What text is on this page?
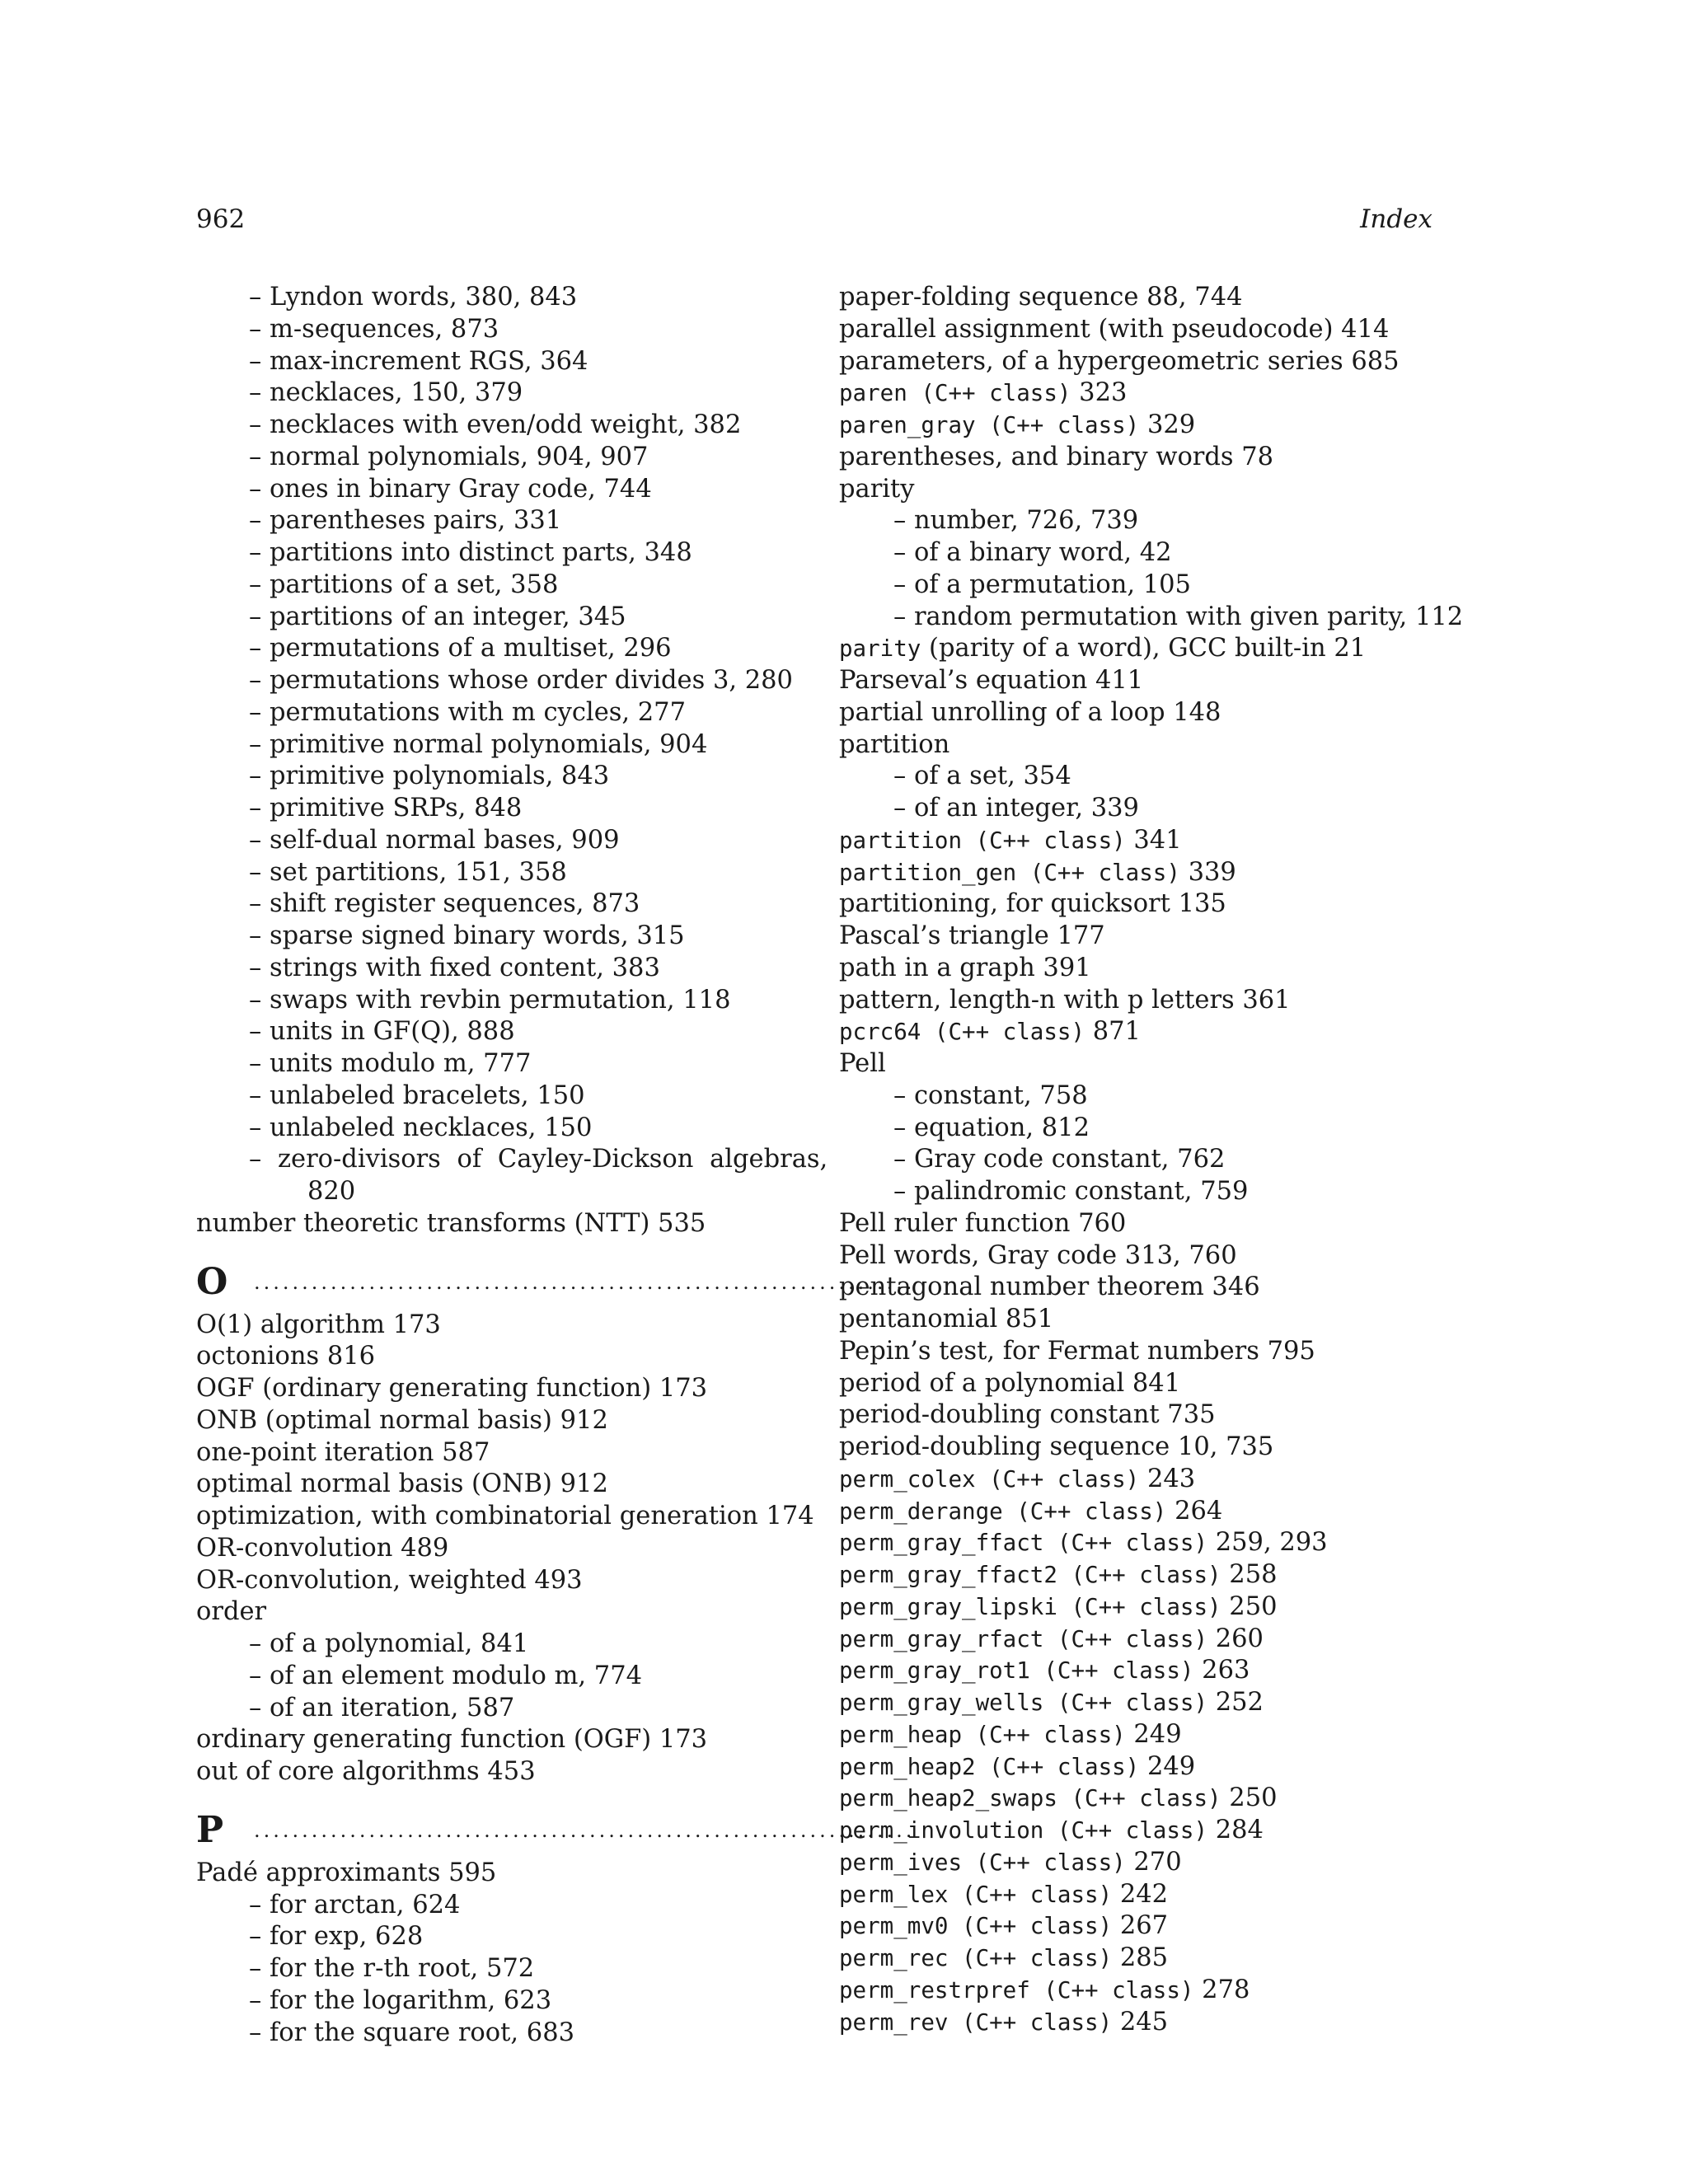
962	Index
– Lyndon words, 380, 843
– m-sequences, 873
– max-increment RGS, 364
– necklaces, 150, 379
– necklaces with even/odd weight, 382
– normal polynomials, 904, 907
– ones in binary Gray code, 744
– parentheses pairs, 331
– partitions into distinct parts, 348
– partitions of a set, 358
– partitions of an integer, 345
– permutations of a multiset, 296
– permutations whose order divides 3, 280
– permutations with m cycles, 277
– primitive normal polynomials, 904
– primitive polynomials, 843
– primitive SRPs, 848
– self-dual normal bases, 909
– set partitions, 151, 358
– shift register sequences, 873
– sparse signed binary words, 315
– strings with fixed content, 383
– swaps with revbin permutation, 118
– units in GF(Q), 888
– units modulo m, 777
– unlabeled bracelets, 150
– unlabeled necklaces, 150
– zero-divisors of Cayley-Dickson algebras,
820
number theoretic transforms (NTT) 535
O .....................................................................
O(1) algorithm 173
octonions 816
OGF (ordinary generating function) 173
ONB (optimal normal basis) 912
one-point iteration 587
optimal normal basis (ONB) 912
optimization, with combinatorial generation 174
OR-convolution 489
OR-convolution, weighted 493
order
– of a polynomial, 841
– of an element modulo m, 774
– of an iteration, 587
ordinary generating function (OGF) 173
out of core algorithms 453
P .....................................................................
Padé approximants 595
– for arctan, 624
– for exp, 628
– for the r-th root, 572
– for the logarithm, 623
– for the square root, 683
paper-folding sequence 88, 744
parallel assignment (with pseudocode) 414
parameters, of a hypergeometric series 685
paren (C++ class) 323
paren_gray (C++ class) 329
parentheses, and binary words 78
parity
– number, 726, 739
– of a binary word, 42
– of a permutation, 105
– random permutation with given parity, 112
parity (parity of a word), GCC built-in 21
Parseval’s equation 411
partial unrolling of a loop 148
partition
– of a set, 354
– of an integer, 339
partition (C++ class) 341
partition_gen (C++ class) 339
partitioning, for quicksort 135
Pascal’s triangle 177
path in a graph 391
pattern, length-n with p letters 361
pcrc64 (C++ class) 871
Pell
– constant, 758
– equation, 812
– Gray code constant, 762
– palindromic constant, 759
Pell ruler function 760
Pell words, Gray code 313, 760
pentagonal number theorem 346
pentanomial 851
Pepin’s test, for Fermat numbers 795
period of a polynomial 841
period-doubling constant 735
period-doubling sequence 10, 735
perm_colex (C++ class) 243
perm_derange (C++ class) 264
perm_gray_ffact (C++ class) 259, 293
perm_gray_ffact2 (C++ class) 258
perm_gray_lipski (C++ class) 250
perm_gray_rfact (C++ class) 260
perm_gray_rot1 (C++ class) 263
perm_gray_wells (C++ class) 252
perm_heap (C++ class) 249
perm_heap2 (C++ class) 249
perm_heap2_swaps (C++ class) 250
perm_involution (C++ class) 284
perm_ives (C++ class) 270
perm_lex (C++ class) 242
perm_mv0 (C++ class) 267
perm_rec (C++ class) 285
perm_restrpref (C++ class) 278
perm_rev (C++ class) 245
